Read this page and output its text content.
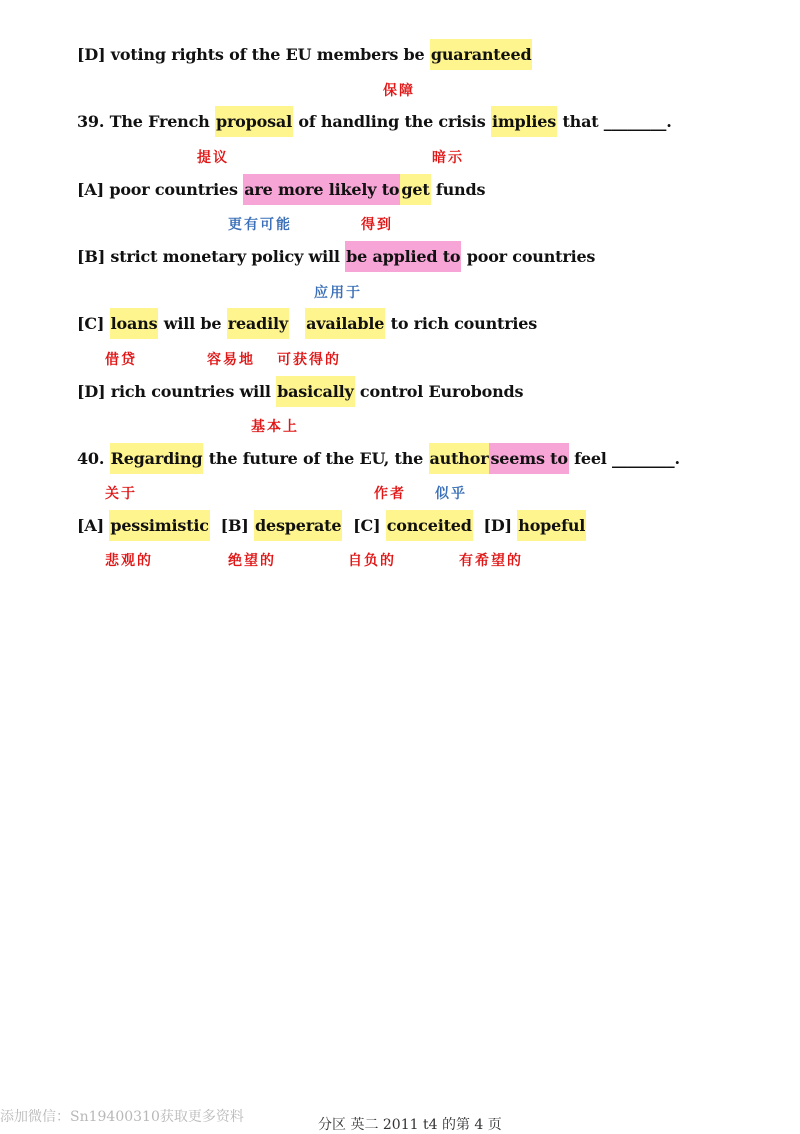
[D] voting rights of the EU members be guaranteed
保障
39. The French proposal of handling the crisis implies that ________.
提议	暗示
[A] poor countries are more likely to get funds
更有可能	得到
[B] strict monetary policy will be applied to poor countries
应用于
[C] loans will be readily available to rich countries
借贷	容易地 可获得的
[D] rich countries will basically control Eurobonds
基本上
40. Regarding the future of the EU, the author seems to feel ________.
关于	作者 似乎
[A] pessimistic  [B] desperate  [C] conceited  [D] hopeful
悲观的	绝望的	自负的	有希望的
添加微信：Sn19400310获取更多资料	分区 英二 2011 t4 的第 4 页
